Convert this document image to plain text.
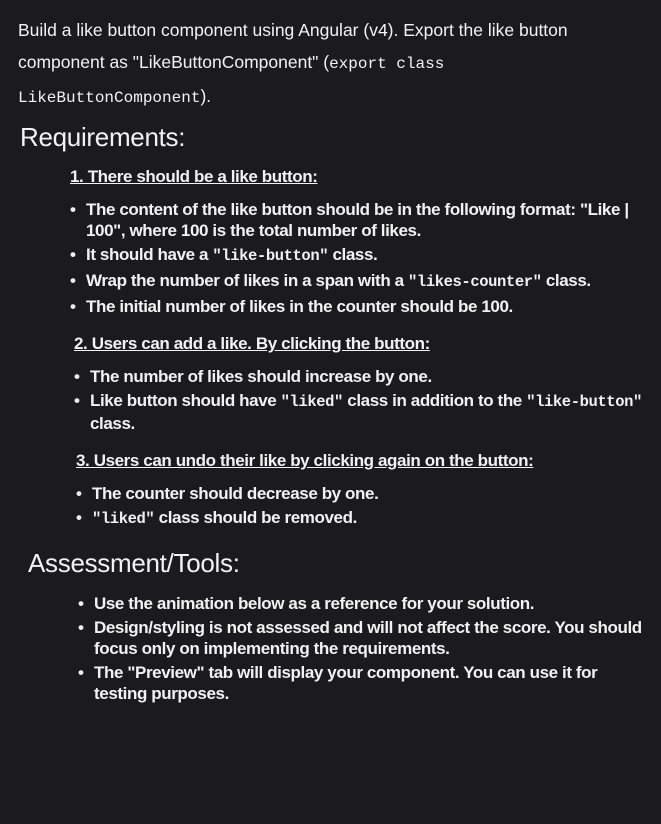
Build a like button component using Angular (v4). Export the like button component as "LikeButtonComponent" (export class LikeButtonComponent).

Requirements:
1. There should be a like button:
• The content of the like button should be in the following format: "Like | 100", where 100 is the total number of likes.
• It should have a "like-button" class.
• Wrap the number of likes in a span with a "likes-counter" class.
• The initial number of likes in the counter should be 100.
2. Users can add a like. By clicking the button:
• The number of likes should increase by one.
• Like button should have "liked" class in addition to the "like-button" class.
3. Users can undo their like by clicking again on the button:
• The counter should decrease by one.
• "liked" class should be removed.
Assessment/Tools:
• Use the animation below as a reference for your solution.
• Design/styling is not assessed and will not affect the score. You should focus only on implementing the requirements.
• The "Preview" tab will display your component. You can use it for testing purposes.
